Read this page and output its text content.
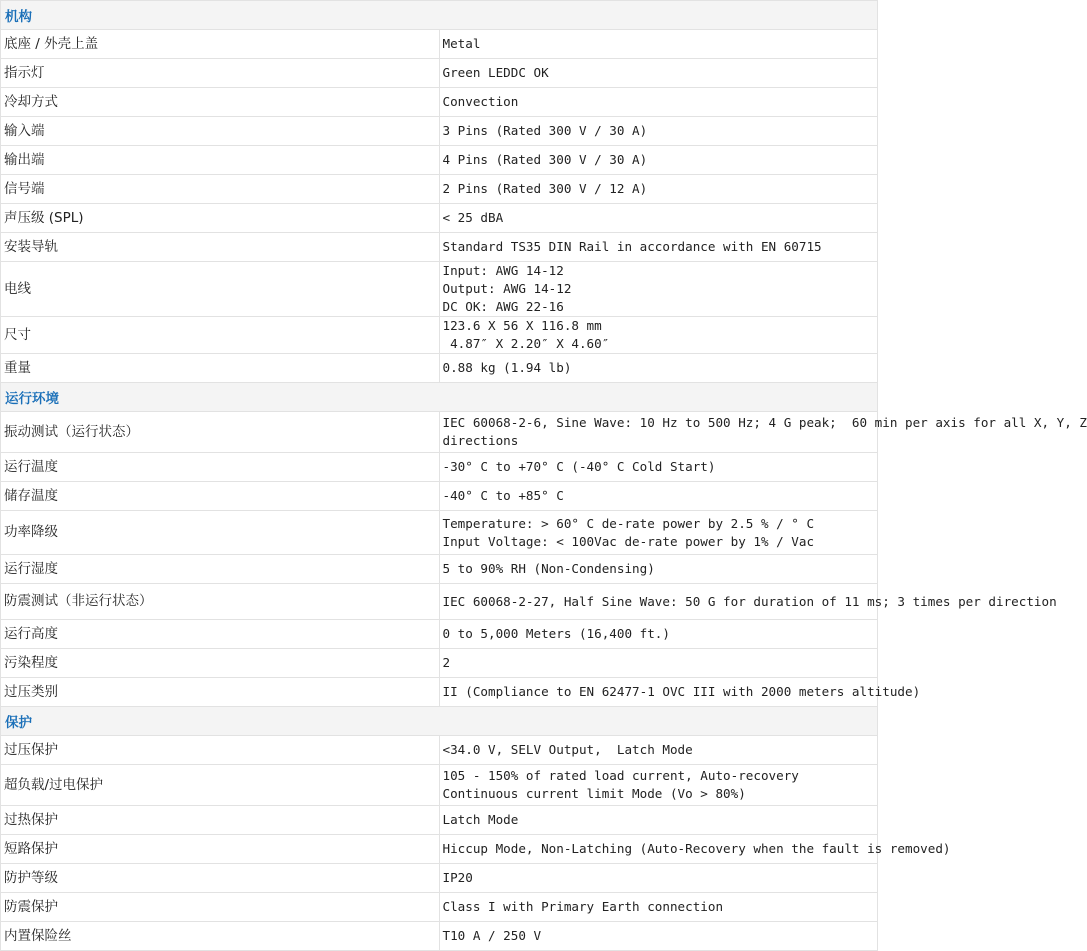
机构	
底座 / 外壳上盖	Metal

指示灯	Green LEDDC OK

冷却方式	Convection

输入端	3 Pins (Rated 300 V / 30 A)

输出端	4 Pins (Rated 300 V / 30 A)

信号端	2 Pins (Rated 300 V / 12 A)

声压级 (SPL)	< 25 dBA

安装导轨	Standard TS35 DIN Rail in accordance with EN 60715

电线	Input: AWG 14-12
Output: AWG 14-12
DC OK: AWG 22-16

尺寸	123.6 X 56 X 116.8 mm
4.87″ X 2.20″ X 4.60″

重量	0.88 kg (1.94 lb)

运行环境	
振动测试（运行状态）	IEC 60068-2-6, Sine Wave: 10 Hz to 500 Hz; 4 G peak;  60 min per axis for all X, Y, Z
directions

运行温度	-30° C to +70° C (-40° C Cold Start)

储存温度	-40° C to +85° C

功率降级	Temperature: > 60° C de-rate power by 2.5 % / ° C
Input Voltage: < 100Vac de-rate power by 1% / Vac

运行湿度	5 to 90% RH (Non-Condensing)

防震测试（非运行状态）	IEC 60068-2-27, Half Sine Wave: 50 G for duration of 11 ms; 3 times per direction

运行高度	0 to 5,000 Meters (16,400 ft.)

污染程度	2

过压类别	II (Compliance to EN 62477-1 OVC III with 2000 meters altitude)

保护	
过压保护	<34.0 V, SELV Output,  Latch Mode

超负载/过电保护	105 - 150% of rated load current, Auto-recovery
Continuous current limit Mode (Vo > 80%)

过热保护	Latch Mode

短路保护	Hiccup Mode, Non-Latching (Auto-Recovery when the fault is removed)

防护等级	IP20

防震保护	Class I with Primary Earth connection

内置保险丝	T10 A / 250 V
